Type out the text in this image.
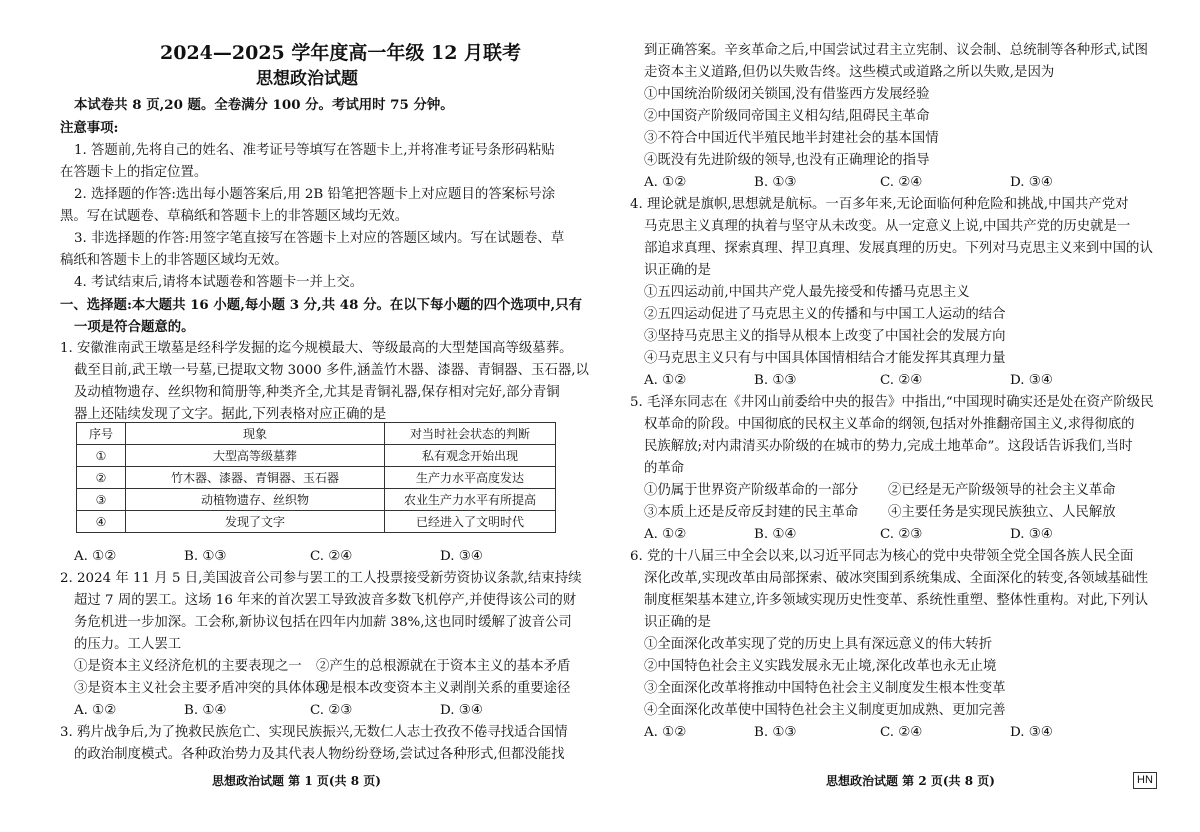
2024—2025 学年度高一年级 12 月联考
思想政治试题
本试卷共 8 页,20 题。全卷满分 100 分。考试用时 75 分钟。
注意事项:
1. 答题前,先将自己的姓名、准考证号等填写在答题卡上,并将准考证号条形码粘贴
在答题卡上的指定位置。
2. 选择题的作答:选出每小题答案后,用 2B 铅笔把答题卡上对应题目的答案标号涂
黑。写在试题卷、草稿纸和答题卡上的非答题区域均无效。
3. 非选择题的作答:用签字笔直接写在答题卡上对应的答题区域内。写在试题卷、草
稿纸和答题卡上的非答题区域均无效。
4. 考试结束后,请将本试题卷和答题卡一并上交。
一、选择题:本大题共 16 小题,每小题 3 分,共 48 分。在以下每小题的四个选项中,只有
一项是符合题意的。
1. 安徽淮南武王墩墓是经科学发掘的迄今规模最大、等级最高的大型楚国高等级墓葬。
截至目前,武王墩一号墓,已提取文物 3000 多件,涵盖竹木器、漆器、青铜器、玉石器,以
及动植物遗存、丝织物和简册等,种类齐全,尤其是青铜礼器,保存相对完好,部分青铜
器上还陆续发现了文字。据此,下列表格对应正确的是
序号	现象	对当时社会状态的判断
①	大型高等级墓葬	私有观念开始出现
②	竹木器、漆器、青铜器、玉石器	生产力水平高度发达
③	动植物遗存、丝织物	农业生产力水平有所提高
④	发现了文字	已经进入了文明时代
A. ①②	B. ①③	C. ②④	D. ③④
2. 2024 年 11 月 5 日,美国波音公司参与罢工的工人投票接受新劳资协议条款,结束持续
超过 7 周的罢工。这场 16 年来的首次罢工导致波音多数飞机停产,并使得该公司的财
务危机进一步加深。工会称,新协议包括在四年内加薪 38%,这也同时缓解了波音公司
的压力。工人罢工
①是资本主义经济危机的主要表现之一 ②产生的总根源就在于资本主义的基本矛盾
③是资本主义社会主要矛盾冲突的具体体现
④是根本改变资本主义剥削关系的重要途径
A. ①②	B. ①④	C. ②③	D. ③④
3. 鸦片战争后,为了挽救民族危亡、实现民族振兴,无数仁人志士孜孜不倦寻找适合国情
的政治制度模式。各种政治势力及其代表人物纷纷登场,尝试过各种形式,但都没能找
思想政治试题 第 1 页(共 8 页)
到正确答案。辛亥革命之后,中国尝试过君主立宪制、议会制、总统制等各种形式,试图
走资本主义道路,但仍以失败告终。这些模式或道路之所以失败,是因为
①中国统治阶级闭关锁国,没有借鉴西方发展经验
②中国资产阶级同帝国主义相勾结,阻碍民主革命
③不符合中国近代半殖民地半封建社会的基本国情
④既没有先进阶级的领导,也没有正确理论的指导
A. ①②	B. ①③	C. ②④	D. ③④
4. 理论就是旗帜,思想就是航标。一百多年来,无论面临何种危险和挑战,中国共产党对
马克思主义真理的执着与坚守从未改变。从一定意义上说,中国共产党的历史就是一
部追求真理、探索真理、捍卫真理、发展真理的历史。下列对马克思主义来到中国的认
识正确的是
①五四运动前,中国共产党人最先接受和传播马克思主义
②五四运动促进了马克思主义的传播和与中国工人运动的结合
③坚持马克思主义的指导从根本上改变了中国社会的发展方向
④马克思主义只有与中国具体国情相结合才能发挥其真理力量
A. ①②	B. ①③	C. ②④	D. ③④
5. 毛泽东同志在《井冈山前委给中央的报告》中指出,“中国现时确实还是处在资产阶级民
权革命的阶段。中国彻底的民权主义革命的纲领,包括对外推翻帝国主义,求得彻底的
民族解放;对内肃清买办阶级的在城市的势力,完成土地革命”。这段话告诉我们,当时
的革命
①仍属于世界资产阶级革命的一部分 ②已经是无产阶级领导的社会主义革命
③本质上还是反帝反封建的民主革命 ④主要任务是实现民族独立、人民解放
A. ①②	B. ①④	C. ②③	D. ③④
6. 党的十八届三中全会以来,以习近平同志为核心的党中央带领全党全国各族人民全面
深化改革,实现改革由局部探索、破冰突围到系统集成、全面深化的转变,各领域基础性
制度框架基本建立,许多领域实现历史性变革、系统性重塑、整体性重构。对此,下列认
识正确的是
①全面深化改革实现了党的历史上具有深远意义的伟大转折
②中国特色社会主义实践发展永无止境,深化改革也永无止境
③全面深化改革将推动中国特色社会主义制度发生根本性变革
④全面深化改革使中国特色社会主义制度更加成熟、更加完善
A. ①②	B. ①③	C. ②④	D. ③④
思想政治试题 第 2 页(共 8 页)	HN
